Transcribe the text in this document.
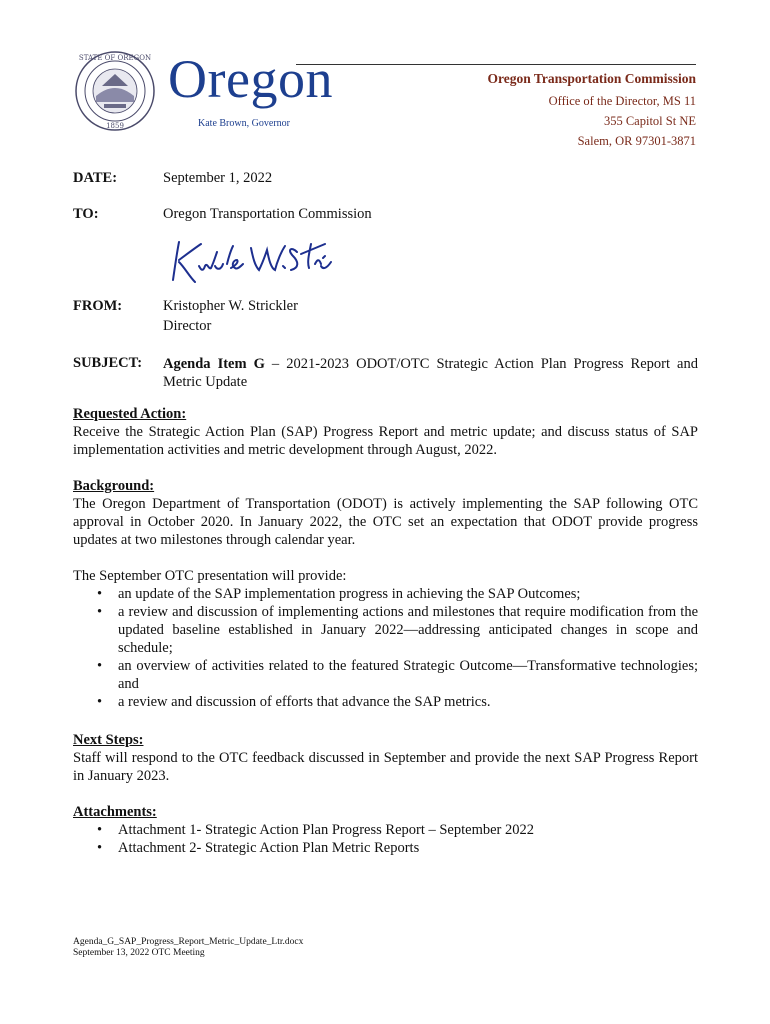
STATE OF OREGON
1859
Oregon
Kate Brown, Governor
Oregon Transportation Commission
Office of the Director, MS 11
355 Capitol St NE
Salem, OR 97301-3871
DATE:	September 1, 2022
TO:	Oregon Transportation Commission
FROM:	Kristopher W. Strickler
Director
SUBJECT: Agenda Item G – 2021-2023 ODOT/OTC Strategic Action Plan Progress Report and Metric Update
Requested Action:
Receive the Strategic Action Plan (SAP) Progress Report and metric update; and discuss status of SAP implementation activities and metric development through August, 2022.
Background:
The Oregon Department of Transportation (ODOT) is actively implementing the SAP following OTC approval in October 2020. In January 2022, the OTC set an expectation that ODOT provide progress updates at two milestones through calendar year.
The September OTC presentation will provide:
• an update of the SAP implementation progress in achieving the SAP Outcomes;
• a review and discussion of implementing actions and milestones that require modification from the updated baseline established in January 2022—addressing anticipated changes in scope and schedule;
• an overview of activities related to the featured Strategic Outcome—Transformative technologies; and
• a review and discussion of efforts that advance the SAP metrics.
Next Steps:
Staff will respond to the OTC feedback discussed in September and provide the next SAP Progress Report in January 2023.
Attachments:
• Attachment 1- Strategic Action Plan Progress Report – September 2022
• Attachment 2- Strategic Action Plan Metric Reports
Agenda_G_SAP_Progress_Report_Metric_Update_Ltr.docx
September 13, 2022 OTC Meeting
